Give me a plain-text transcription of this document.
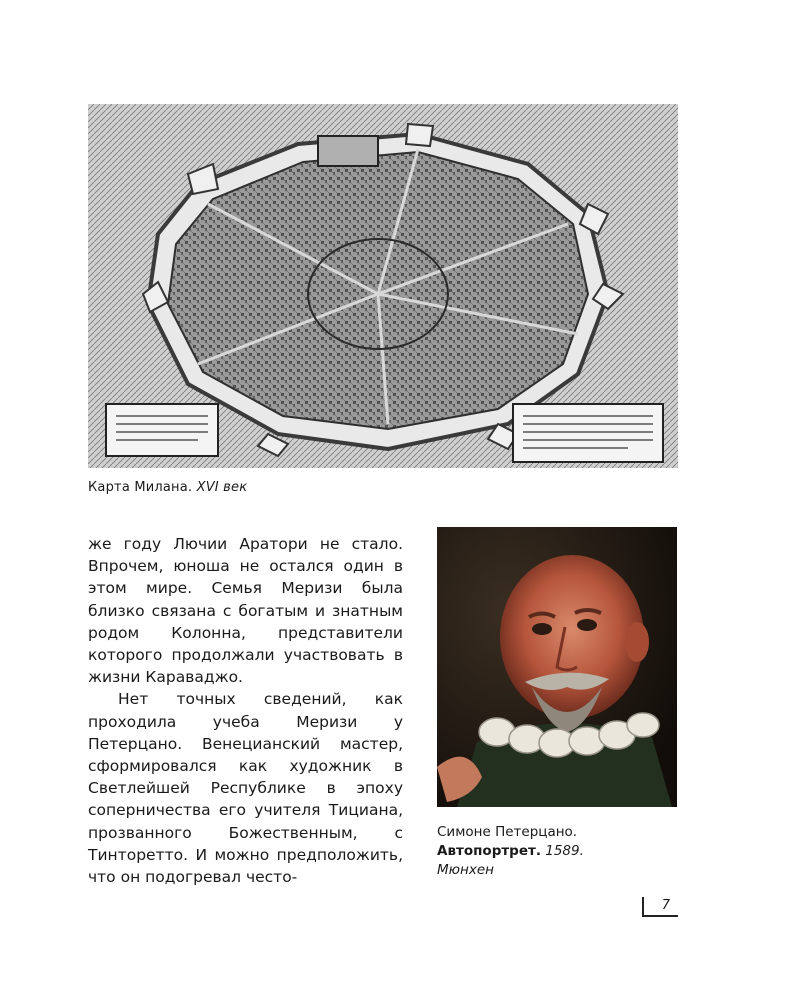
Карта Милана. XVI век

же году Лючии Аратори не стало. Впрочем, юноша не остался один в этом мире. Семья Меризи была близко связана с богатым и знатным родом Колонна, представители которого продолжали участвовать в жизни Караваджо.

Нет точных сведений, как проходила учеба Меризи у Петерцано. Венецианский мастер, сформировался как художник в Светлейшей Республике в эпоху соперничества его учителя Тициана, прозванного Божественным, с Тинторетто. И можно предположить, что он подогревал често-

Симоне Петерцано.
Автопортрет. 1589.
Мюнхен
7
